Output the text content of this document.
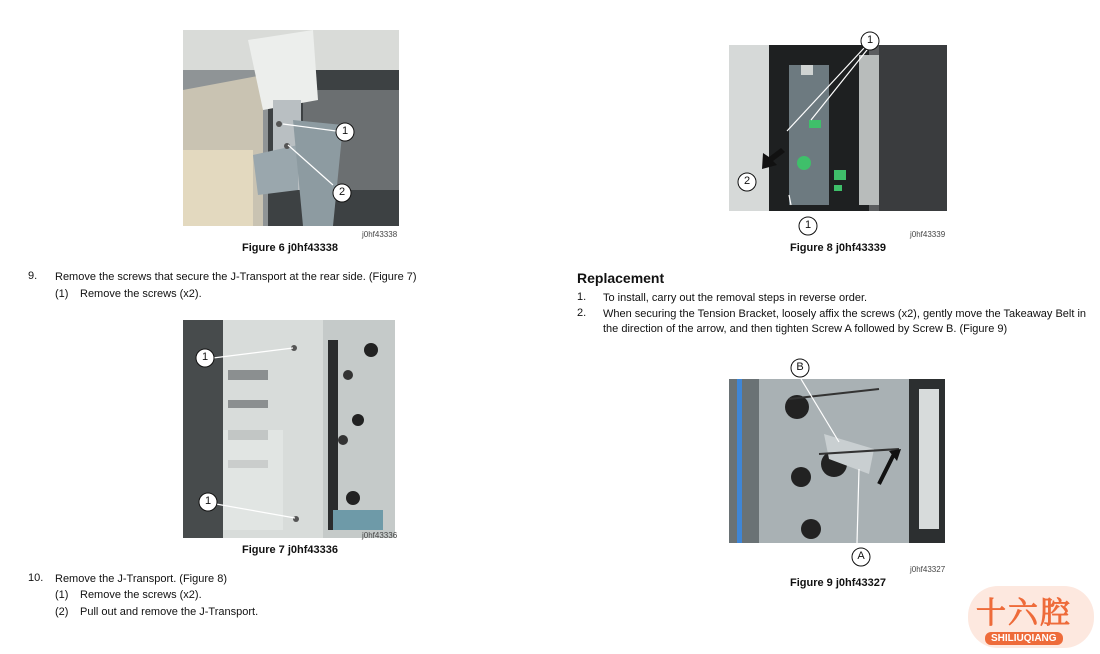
1
2
j0hf43338
Figure 6 j0hf43338
9. Remove the screws that secure the J-Transport at the rear side. (Figure 7)
(1) Remove the screws (x2).
1
1
j0hf43336
Figure 7 j0hf43336
10. Remove the J-Transport. (Figure 8)
(1) Remove the screws (x2).
(2) Pull out and remove the J-Transport.
2
1
1
j0hf43339
Figure 8 j0hf43339
Replacement
1. To install, carry out the removal steps in reverse order.
2. When securing the Tension Bracket, loosely affix the screws (x2), gently move the Takeaway Belt in
the direction of the arrow, and then tighten Screw A followed by Screw B. (Figure 9)
B
A
j0hf43327
Figure 9 j0hf43327
十六腔
SHILIUQIANG
